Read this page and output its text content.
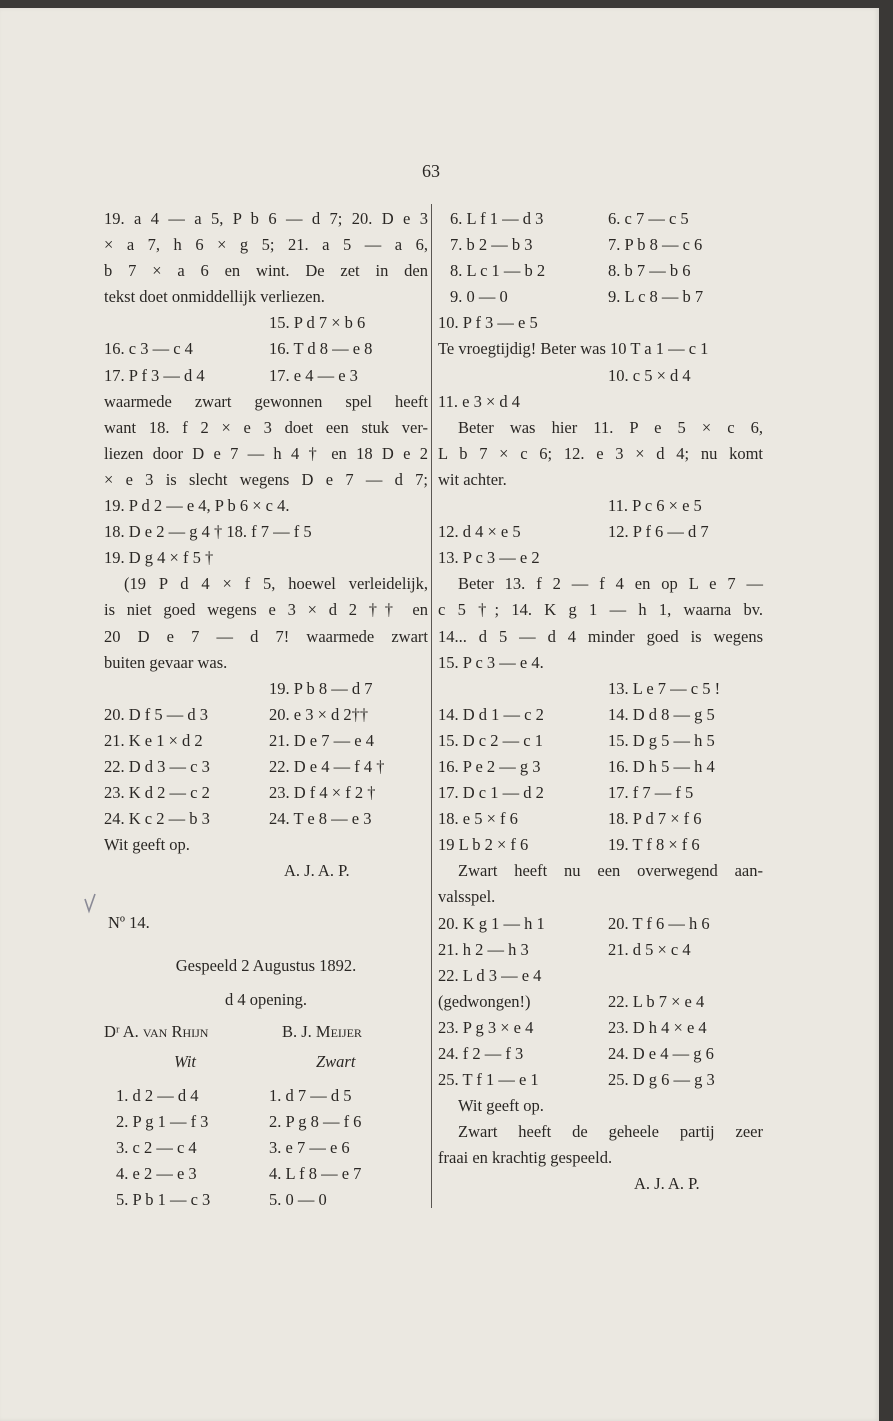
63
19. a 4 — a 5, P b 6 — d 7; 20. D e 3
× a 7, h 6 × g 5; 21. a 5 — a 6,
b 7 × a 6 en wint. De zet in den
tekst doet onmiddellijk verliezen.
15. P d 7 × b 6
16. c 3 — c 4	16. T d 8 — e 8
17. P f 3 — d 4	17. e 4 — e 3
waarmede zwart gewonnen spel heeft
want 18. f 2 × e 3 doet een stuk ver-
liezen door D e 7 — h 4 † en 18 D e 2
× e 3 is slecht wegens D e 7 — d 7;
19. P d 2 — e 4, P b 6 × c 4.
18. D e 2 — g 4 † 18. f 7 — f 5
19. D g 4 × f 5 †
(19 P d 4 × f 5, hoewel verleidelijk,
is niet goed wegens e 3 × d 2 †† en
20 D e 7 — d 7! waarmede zwart
buiten gevaar was.
19. P b 8 — d 7
20. D f 5 — d 3	20. e 3 × d 2††
21. K e 1 × d 2	21. D e 7 — e 4
22. D d 3 — c 3	22. D e 4 — f 4 †
23. K d 2 — c 2	23. D f 4 × f 2 †
24. K c 2 — b 3	24. T e 8 — e 3
Wit geeft op.
A. J. A. P.
Nº 14.
Gespeeld 2 Augustus 1892.
d 4 opening.
Dʳ A. van Rhijn	B. J. Meijer
Wit	Zwart
1. d 2 — d 4	1. d 7 — d 5
2. P g 1 — f 3	2. P g 8 — f 6
3. c 2 — c 4	3. e 7 — e 6
4. e 2 — e 3	4. L f 8 — e 7
5. P b 1 — c 3	5. 0 — 0
6. L f 1 — d 3	6. c 7 — c 5
7. b 2 — b 3	7. P b 8 — c 6
8. L c 1 — b 2	8. b 7 — b 6
9. 0 — 0	9. L c 8 — b 7
10. P f 3 — e 5
Te vroegtijdig! Beter was 10 T a 1 — c 1
10. c 5 × d 4
11. e 3 × d 4
Beter was hier 11. P e 5 × c 6,
L b 7 × c 6; 12. e 3 × d 4; nu komt
wit achter.
11. P c 6 × e 5
12. d 4 × e 5	12. P f 6 — d 7
13. P c 3 — e 2
Beter 13. f 2 — f 4 en op L e 7 —
c 5 †; 14. K g 1 — h 1, waarna bv.
14... d 5 — d 4 minder goed is wegens
15. P c 3 — e 4.
13. L e 7 — c 5 !
14. D d 1 — c 2	14. D d 8 — g 5
15. D c 2 — c 1	15. D g 5 — h 5
16. P e 2 — g 3	16. D h 5 — h 4
17. D c 1 — d 2	17. f 7 — f 5
18. e 5 × f 6	18. P d 7 × f 6
19 L b 2 × f 6	19. T f 8 × f 6
Zwart heeft nu een overwegend aan-
valsspel.
20. K g 1 — h 1	20. T f 6 — h 6
21. h 2 — h 3	21. d 5 × c 4
22. L d 3 — e 4
(gedwongen!)	22. L b 7 × e 4
23. P g 3 × e 4	23. D h 4 × e 4
24. f 2 — f 3	24. D e 4 — g 6
25. T f 1 — e 1	25. D g 6 — g 3
Wit geeft op.
Zwart heeft de geheele partij zeer
fraai en krachtig gespeeld.
A. J. A. P.
